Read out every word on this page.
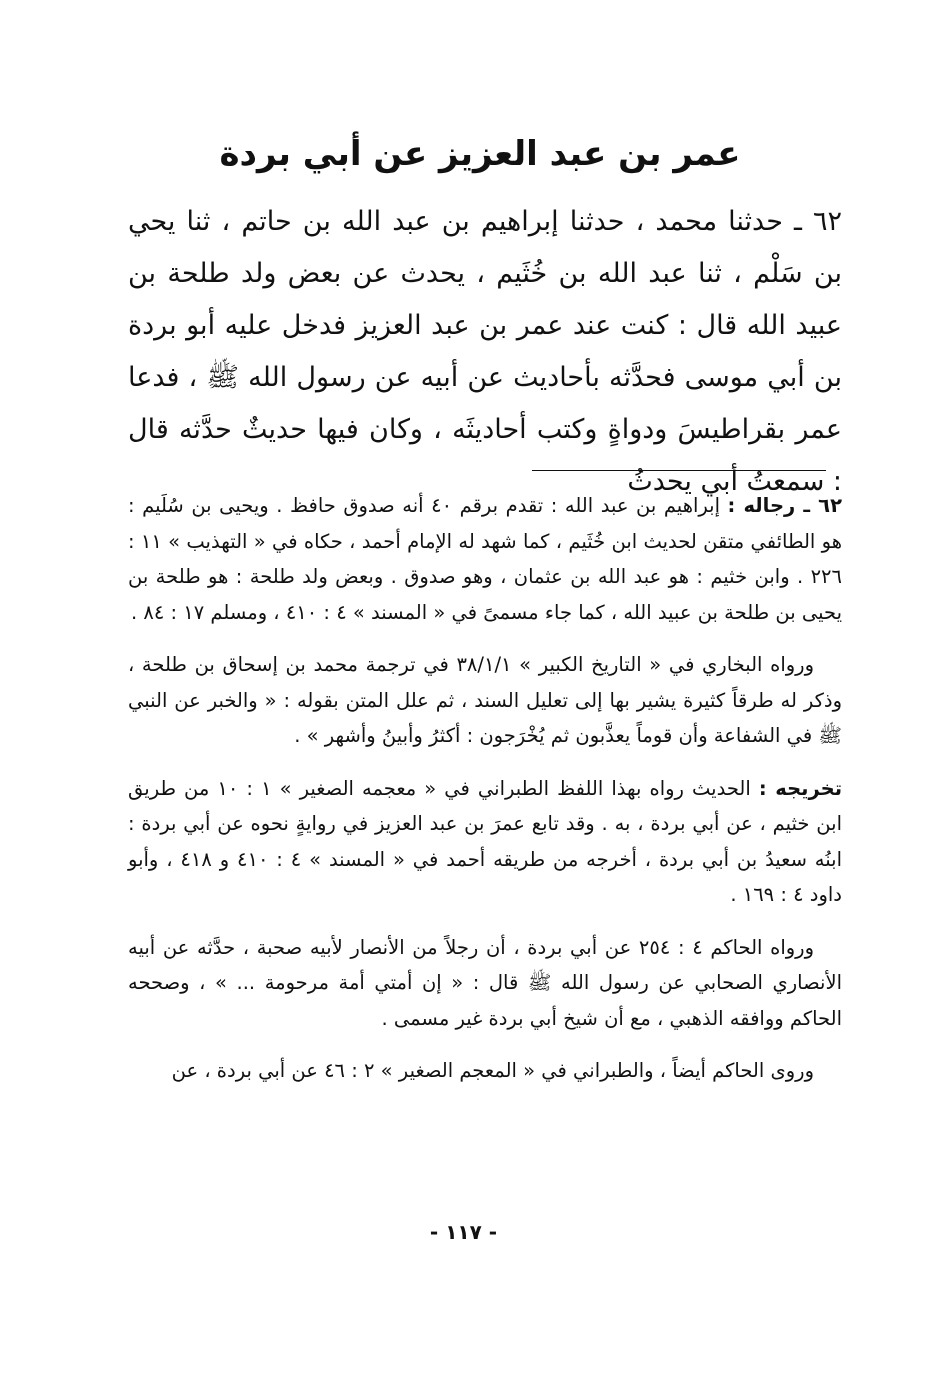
عمر بن عبد العزيز عن أبي بردة

٦٢ ـ حدثنا محمد ، حدثنا إبراهيم بن عبد الله بن حاتم ، ثنا يحي بن سَلْم ، ثنا عبد الله بن خُثَيم ، يحدث عن بعض ولد طلحة بن عبيد الله قال : كنت عند عمر بن عبد العزيز فدخل عليه أبو بردة بن أبي موسى فحدَّثه بأحاديث عن أبيه عن رسول الله ﷺ ، فدعا عمر بقراطيسَ ودواةٍ وكتب أحاديثَه ، وكان فيها حديثٌ حدَّثه قال : سمعتُ أبي يحدثُ

٦٢ ـ رجاله : إبراهيم بن عبد الله : تقدم برقم ٤٠ أنه صدوق حافظ . ويحيى بن سُلَيم : هو الطائفي متقن لحديث ابن خُثَيم ، كما شهد له الإمام أحمد ، حكاه في « التهذيب » ١١ : ٢٢٦ . وابن خثيم : هو عبد الله بن عثمان ، وهو صدوق . وبعض ولد طلحة : هو طلحة بن يحيى بن طلحة بن عبيد الله ، كما جاء مسمىً في « المسند » ٤ : ٤١٠ ، ومسلم ١٧ : ٨٤ .

ورواه البخاري في « التاريخ الكبير » ٣٨/١/١ في ترجمة محمد بن إسحاق بن طلحة ، وذكر له طرقاً كثيرة يشير بها إلى تعليل السند ، ثم علل المتن بقوله : « والخبر عن النبي ﷺ في الشفاعة وأن قوماً يعذَّبون ثم يُخْرَجون : أكثرُ وأبينُ وأشهر » .

تخريجه : الحديث رواه بهذا اللفظ الطبراني في « معجمه الصغير » ١ : ١٠ من طريق ابن خثيم ، عن أبي بردة ، به . وقد تابع عمرَ بن عبد العزيز في روايةٍ نحوه عن أبي بردة : ابنُه سعيدُ بن أبي بردة ، أخرجه من طريقه أحمد في « المسند » ٤ : ٤١٠ و ٤١٨ ، وأبو داود ٤ : ١٦٩ .

ورواه الحاكم ٤ : ٢٥٤ عن أبي بردة ، أن رجلاً من الأنصار لأبيه صحبة ، حدَّثه عن أبيه الأنصاري الصحابي عن رسول الله ﷺ قال : « إن أمتي أمة مرحومة ... » ، وصححه الحاكم ووافقه الذهبي ، مع أن شيخ أبي بردة غير مسمى .

وروى الحاكم أيضاً ، والطبراني في « المعجم الصغير » ٢ : ٤٦ عن أبي بردة ، عن

- ١١٧ -
